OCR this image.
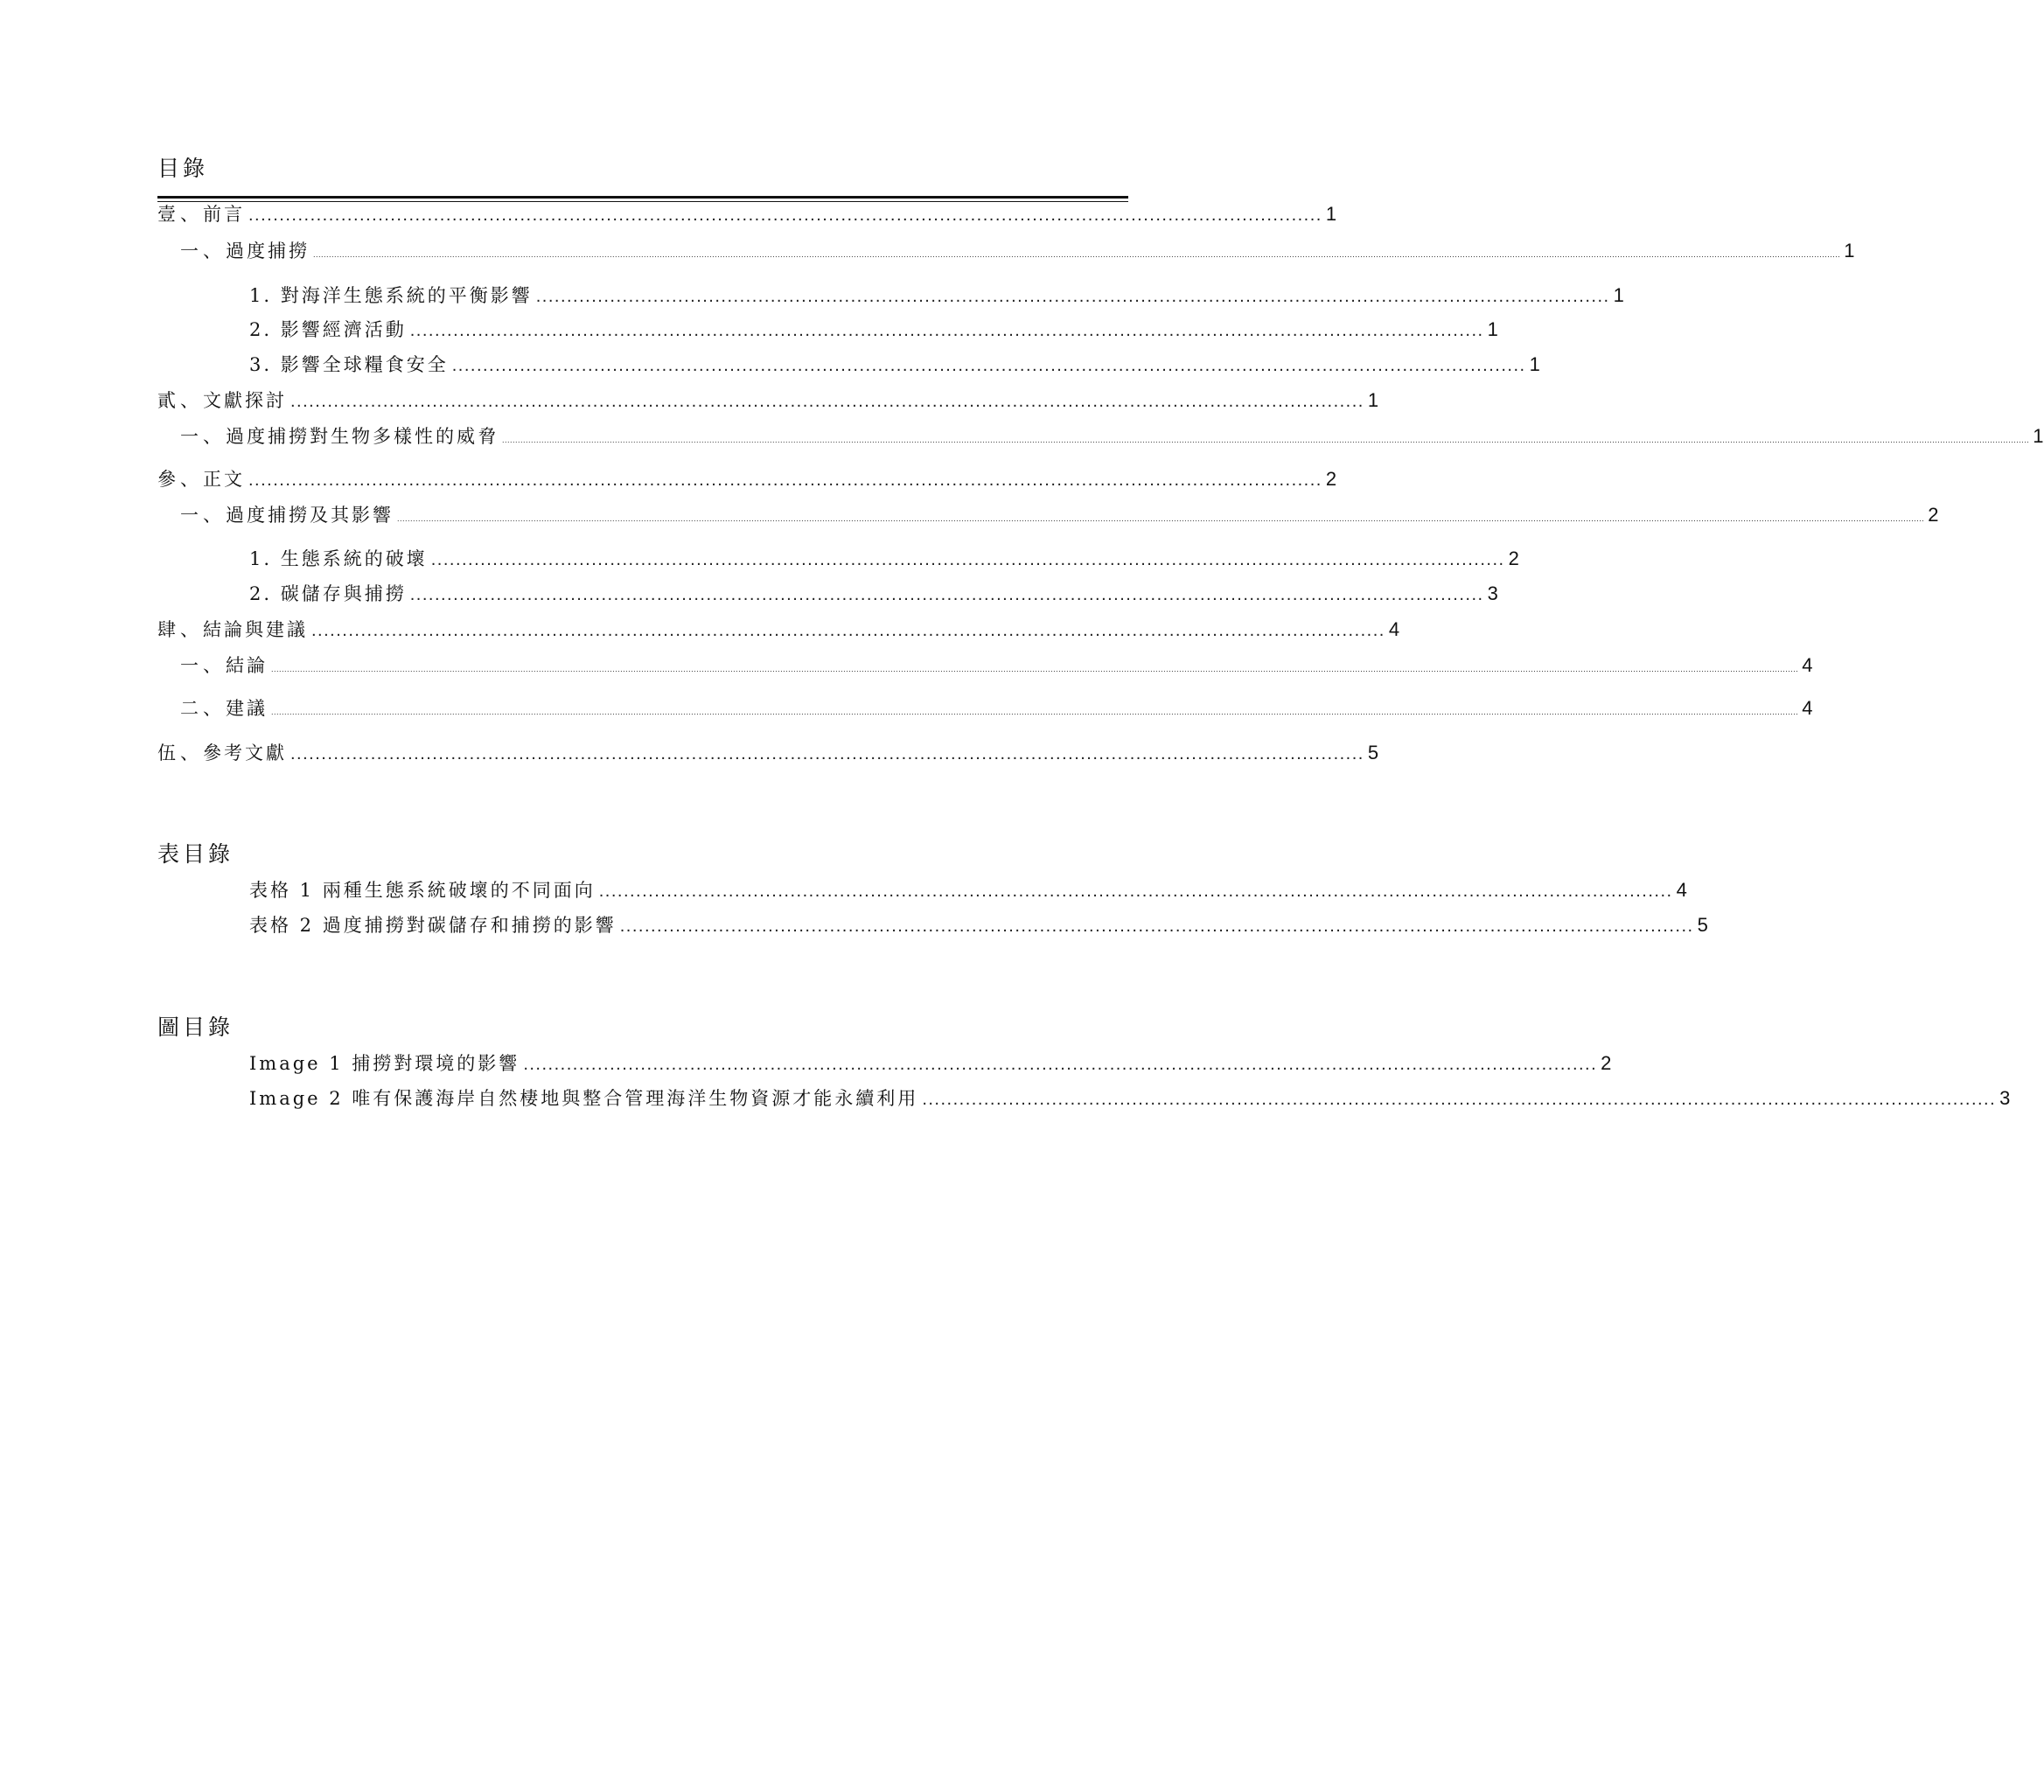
目錄
壹、 前言 .............................................................................................................................................................................. 1
一、 過度捕撈 ...................................................................................................................................................................................................................................................................................................................................................................................................................................................................................................................................................................................................... 1
1. 對海洋生態系統的平衡影響 .............................................................................................................................................................................. 1
2. 影響經濟活動 .............................................................................................................................................................................. 1
3. 影響全球糧食安全 .............................................................................................................................................................................. 1
貳、 文獻探討 .............................................................................................................................................................................. 1
一、 過度捕撈對生物多樣性的威脅 ...................................................................................................................................................................................................................................................................................................................................................................................................................................................................................................................................................................................................... 1
參、 正文 .............................................................................................................................................................................. 2
一、 過度捕撈及其影響 ...................................................................................................................................................................................................................................................................................................................................................................................................................................................................................................................................................................................................... 2
1. 生態系統的破壞 .............................................................................................................................................................................. 2
2. 碳儲存與捕撈 .............................................................................................................................................................................. 3
肆、 結論與建議 .............................................................................................................................................................................. 4
一、 結論 ...................................................................................................................................................................................................................................................................................................................................................................................................................................................................................................................................................................................................... 4
二、 建議 ...................................................................................................................................................................................................................................................................................................................................................................................................................................................................................................................................................................................................... 4
伍、 參考文獻 .............................................................................................................................................................................. 5
表目錄
表格 1 兩種生態系統破壞的不同面向 .............................................................................................................................................................................. 4
表格 2 過度捕撈對碳儲存和捕撈的影響 .............................................................................................................................................................................. 5
圖目錄
Image 1 捕撈對環境的影響 .............................................................................................................................................................................. 2
Image 2 唯有保護海岸自然棲地與整合管理海洋生物資源才能永續利用 .............................................................................................................................................................................. 3
